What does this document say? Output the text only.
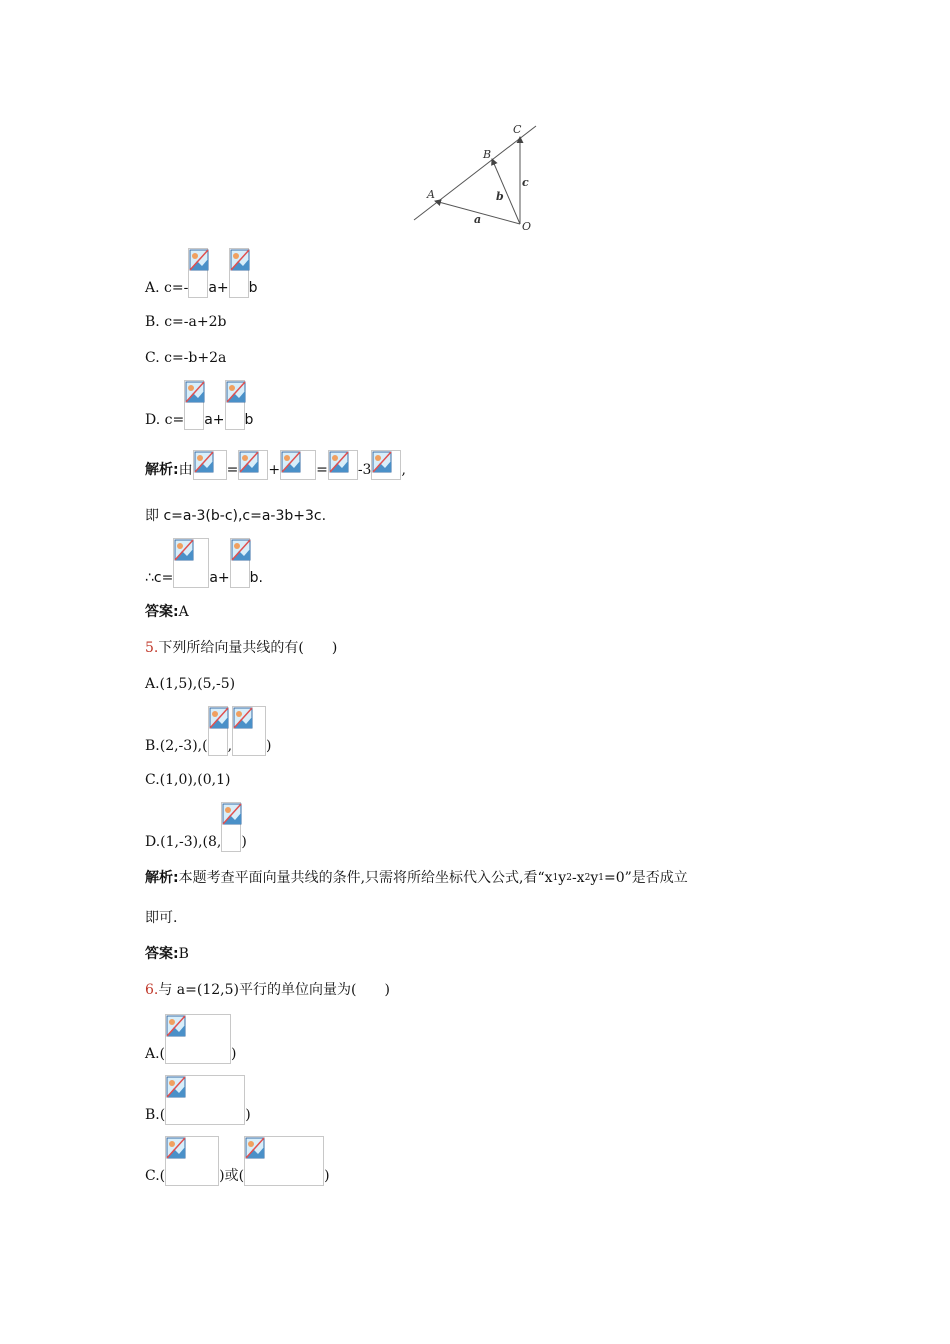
C
B
A
O
a
b
c
A. c=- a+ b
B. c=-a+2b
C. c=-b+2a
D. c= a+ b
解析: 由 = +	= -3 ,
即 c=a-3(b-c),c=a-3b+3c.
∴c=	a+ b.
答案: A
5. 下列所给向量共线的有(　　)
A.(1,5),(5,-5)
B.(2,-3),( , )
C.(1,0),(0,1)
D.(1,-3),(8, )
解析: 本题考查平面向量共线的条件,只需将所给坐标代入公式,看“x 1 y 2 -x 2 y 1 =0”是否成立
即可.
答案: B
6. 与 a=(12,5)平行的单位向量为(　　)
A.(	)
B.(	)
C.(	)或(	)
